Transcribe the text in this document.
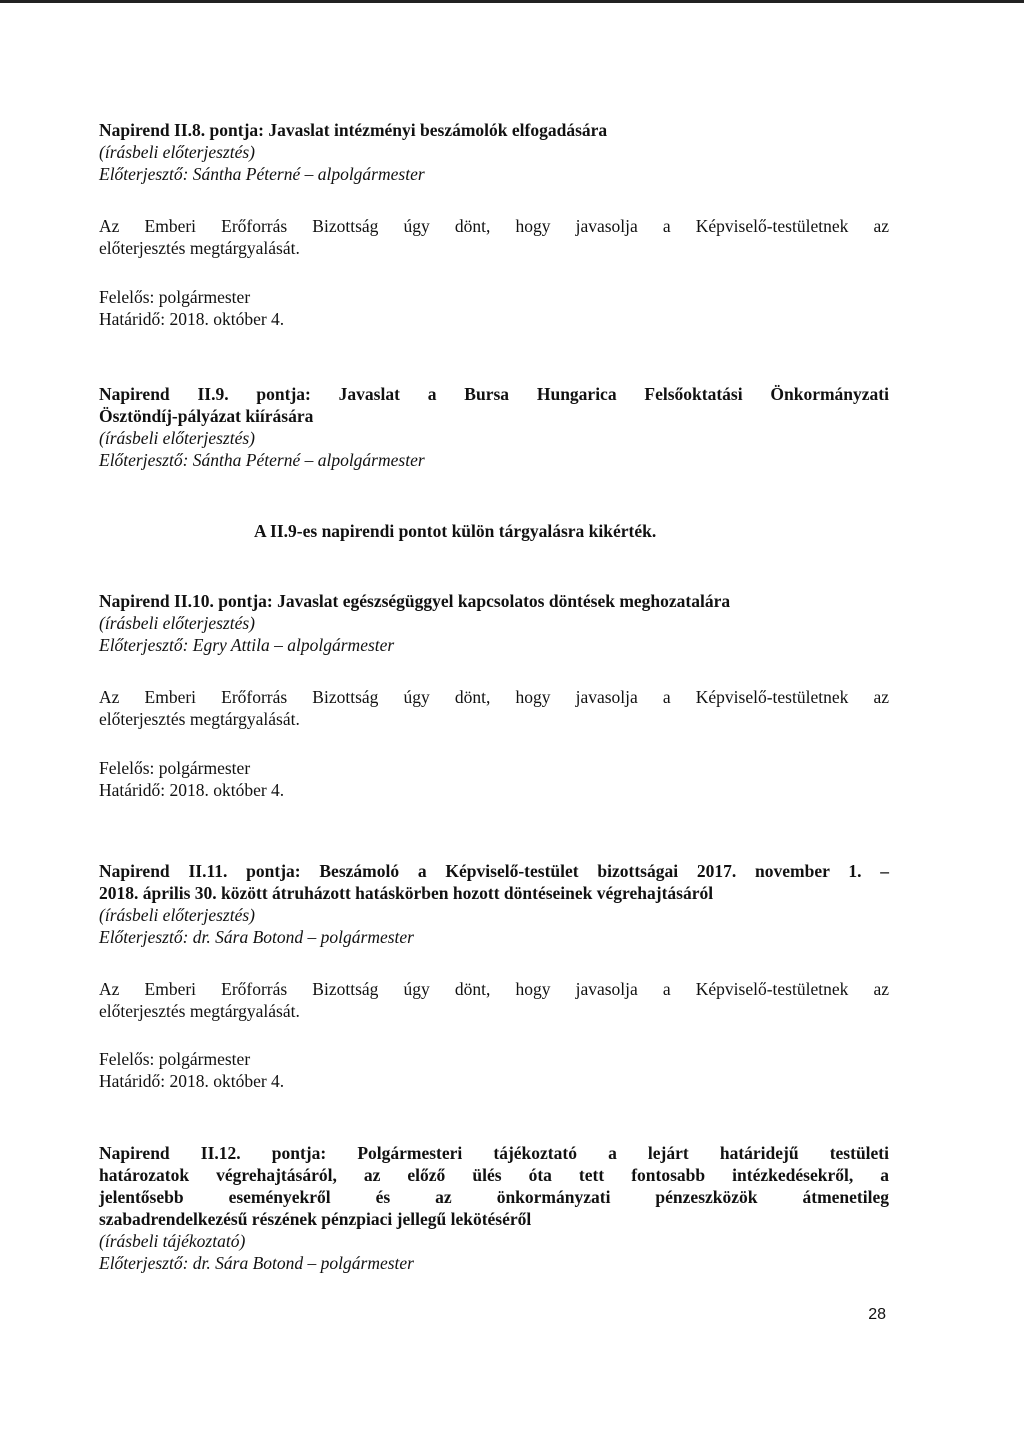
Napirend II.8. pontja: Javaslat intézményi beszámolók elfogadására
(írásbeli előterjesztés)
Előterjesztő: Sántha Péterné – alpolgármester
Az Emberi Erőforrás Bizottság úgy dönt, hogy javasolja a Képviselő-testületnek az
előterjesztés megtárgyalását.
Felelős: polgármester
Határidő: 2018. október 4.
Napirend II.9. pontja: Javaslat a Bursa Hungarica Felsőoktatási Önkormányzati
Ösztöndíj-pályázat kiírására
(írásbeli előterjesztés)
Előterjesztő: Sántha Péterné – alpolgármester
A II.9-es napirendi pontot külön tárgyalásra kikérték.
Napirend II.10. pontja: Javaslat egészségüggyel kapcsolatos döntések meghozatalára
(írásbeli előterjesztés)
Előterjesztő: Egry Attila – alpolgármester
Az Emberi Erőforrás Bizottság úgy dönt, hogy javasolja a Képviselő-testületnek az
előterjesztés megtárgyalását.
Felelős: polgármester
Határidő: 2018. október 4.
Napirend II.11. pontja: Beszámoló a Képviselő-testület bizottságai 2017. november 1. –
2018. április 30. között átruházott hatáskörben hozott döntéseinek végrehajtásáról
(írásbeli előterjesztés)
Előterjesztő: dr. Sára Botond – polgármester
Az Emberi Erőforrás Bizottság úgy dönt, hogy javasolja a Képviselő-testületnek az
előterjesztés megtárgyalását.
Felelős: polgármester
Határidő: 2018. október 4.
Napirend II.12. pontja: Polgármesteri tájékoztató a lejárt határidejű testületi
határozatok végrehajtásáról, az előző ülés óta tett fontosabb intézkedésekről, a
jelentősebb eseményekről és az önkormányzati pénzeszközök átmenetileg
szabadrendelkezésű részének pénzpiaci jellegű lekötéséről
(írásbeli tájékoztató)
Előterjesztő: dr. Sára Botond – polgármester
28
